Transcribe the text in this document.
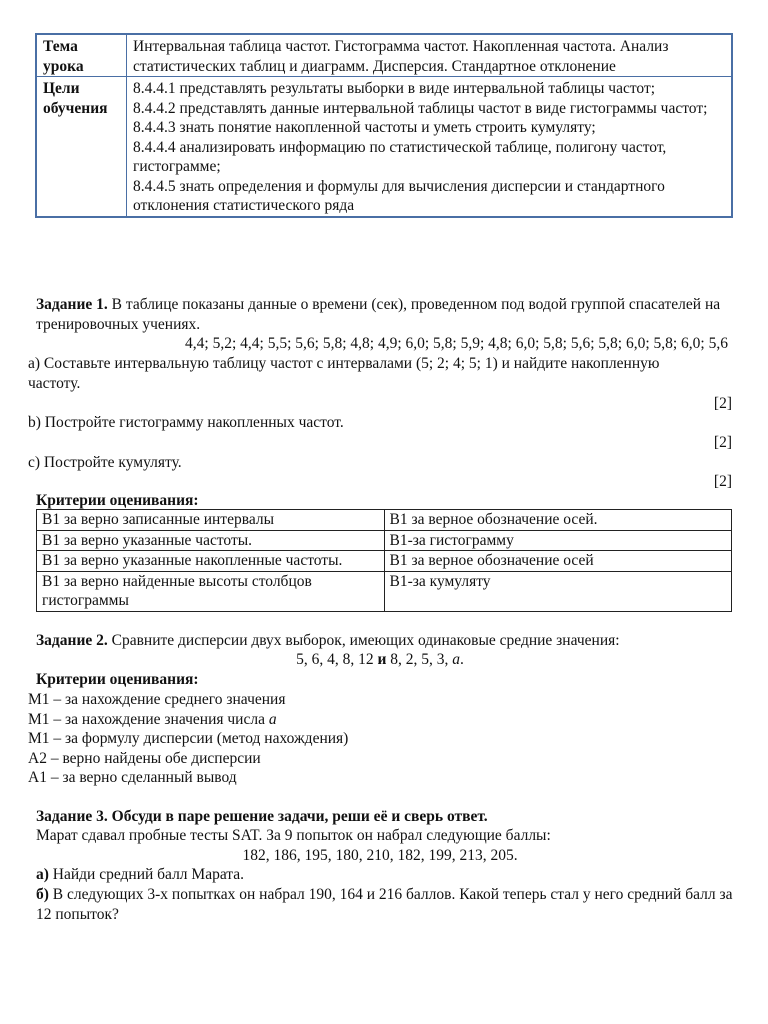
Тема урока	Интервальная таблица частот. Гистограмма частот. Накопленная частота. Анализ статистических таблиц и диаграмм. Дисперсия. Стандартное отклонение
Цели обучения	8.4.4.1 представлять результаты выборки в виде интервальной таблицы частот;
8.4.4.2 представлять данные интервальной таблицы частот в виде гистограммы частот;
8.4.4.3 знать понятие накопленной частоты и уметь строить кумуляту;
8.4.4.4 анализировать информацию по статистической таблице, полигону частот, гистограмме;
8.4.4.5 знать определения и формулы для вычисления дисперсии и стандартного отклонения статистического ряда
Задание 1. В таблице показаны данные о времени (сек), проведенном под водой группой спасателей на тренировочных учениях.
4,4; 5,2; 4,4; 5,5; 5,6; 5,8; 4,8; 4,9; 6,0; 5,8; 5,9; 4,8; 6,0; 5,8; 5,6; 5,8; 6,0; 5,8; 6,0; 5,6
а) Составьте интервальную таблицу частот с интервалами (5; 2; 4; 5; 1) и найдите накопленную частоту.
[2]
b) Постройте гистограмму накопленных частот.
[2]
с) Постройте кумуляту.
[2]
Критерии оценивания:
В1 за верно записанные интервалы	В1 за верное обозначение осей.
В1 за верно указанные частоты.	В1-за гистограмму
В1 за верно указанные накопленные частоты.	В1 за верное обозначение осей
В1 за верно найденные высоты столбцов гистограммы	В1-за кумуляту
Задание 2. Сравните дисперсии двух выборок, имеющих одинаковые средние значения:
5, 6, 4, 8, 12 и 8, 2, 5, 3, a.
Критерии оценивания:
М1 – за нахождение среднего значения
М1 – за нахождение значения числа a
М1 – за формулу дисперсии (метод нахождения)
А2 – верно найдены обе дисперсии
А1 – за верно сделанный вывод
Задание 3. Обсуди в паре решение задачи, реши её и сверь ответ.
Марат сдавал пробные тесты SAT. За 9 попыток он набрал следующие баллы:
182, 186, 195, 180, 210, 182, 199, 213, 205.
а) Найди средний балл Марата.
б) В следующих 3-х попытках он набрал 190, 164 и 216 баллов. Какой теперь стал у него средний балл за 12 попыток?
